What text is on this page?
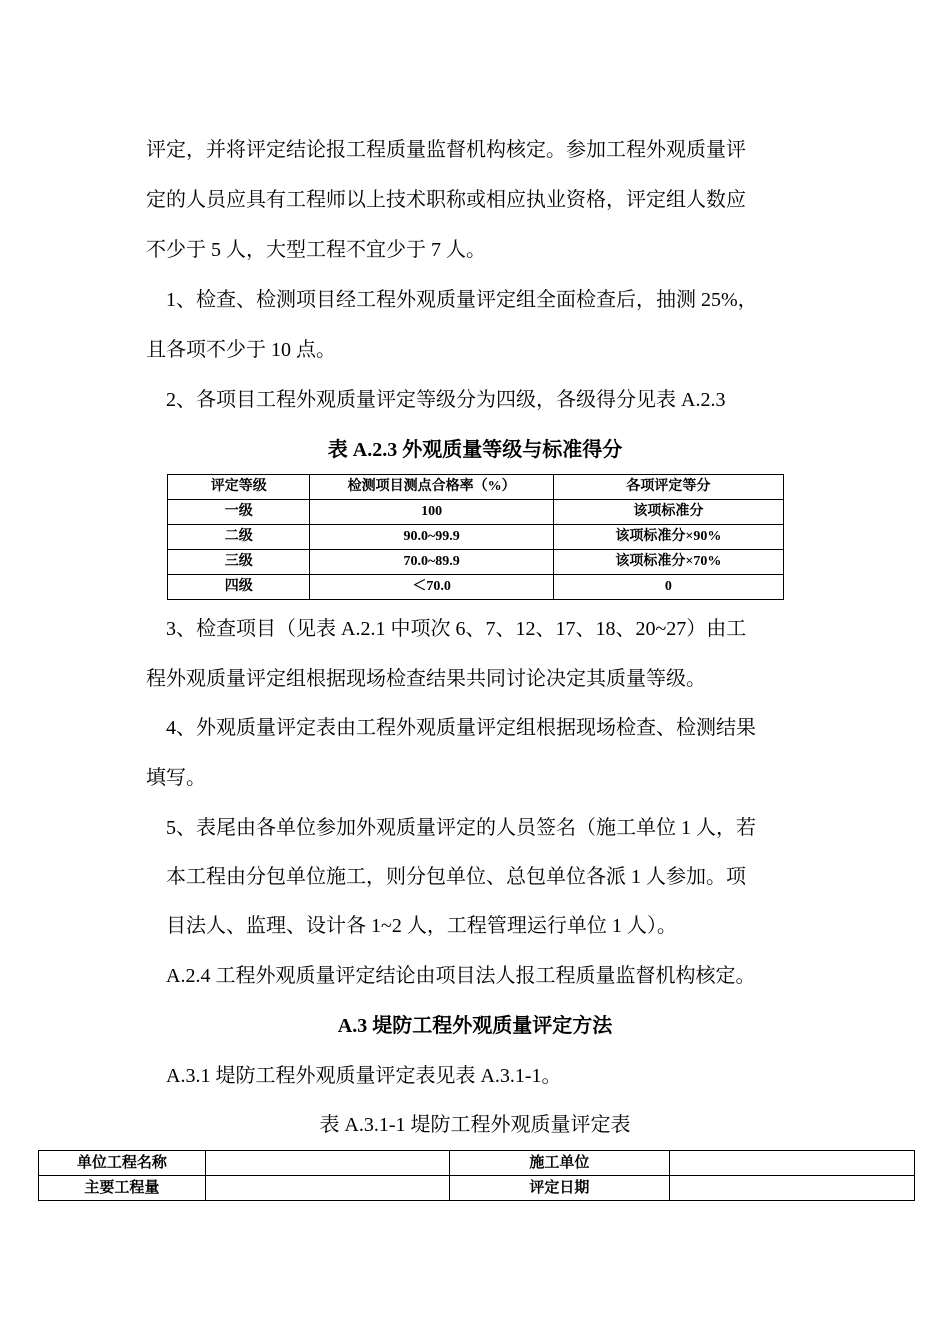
评定，并将评定结论报工程质量监督机构核定。参加工程外观质量评
定的人员应具有工程师以上技术职称或相应执业资格，评定组人数应
不少于 5 人，大型工程不宜少于 7 人。
1、检查、检测项目经工程外观质量评定组全面检查后，抽测 25%，
且各项不少于 10 点。
2、各项目工程外观质量评定等级分为四级，各级得分见表 A.2.3
表 A.2.3 外观质量等级与标准得分
评定等级	检测项目测点合格率（%）	各项评定等分
一级	100	该项标准分
二级	90.0~99.9	该项标准分×90%
三级	70.0~89.9	该项标准分×70%
四级	＜70.0	0
3、检查项目（见表 A.2.1 中项次 6、7、12、17、18、20~27）由工
程外观质量评定组根据现场检查结果共同讨论决定其质量等级。
4、外观质量评定表由工程外观质量评定组根据现场检查、检测结果
填写。
5、表尾由各单位参加外观质量评定的人员签名（施工单位 1 人，若
本工程由分包单位施工，则分包单位、总包单位各派 1 人参加。项
目法人、监理、设计各 1~2 人，工程管理运行单位 1 人）。
A.2.4 工程外观质量评定结论由项目法人报工程质量监督机构核定。
A.3 堤防工程外观质量评定方法
A.3.1 堤防工程外观质量评定表见表 A.3.1-1。
表 A.3.1-1 堤防工程外观质量评定表
单位工程名称		施工单位	
主要工程量		评定日期	
